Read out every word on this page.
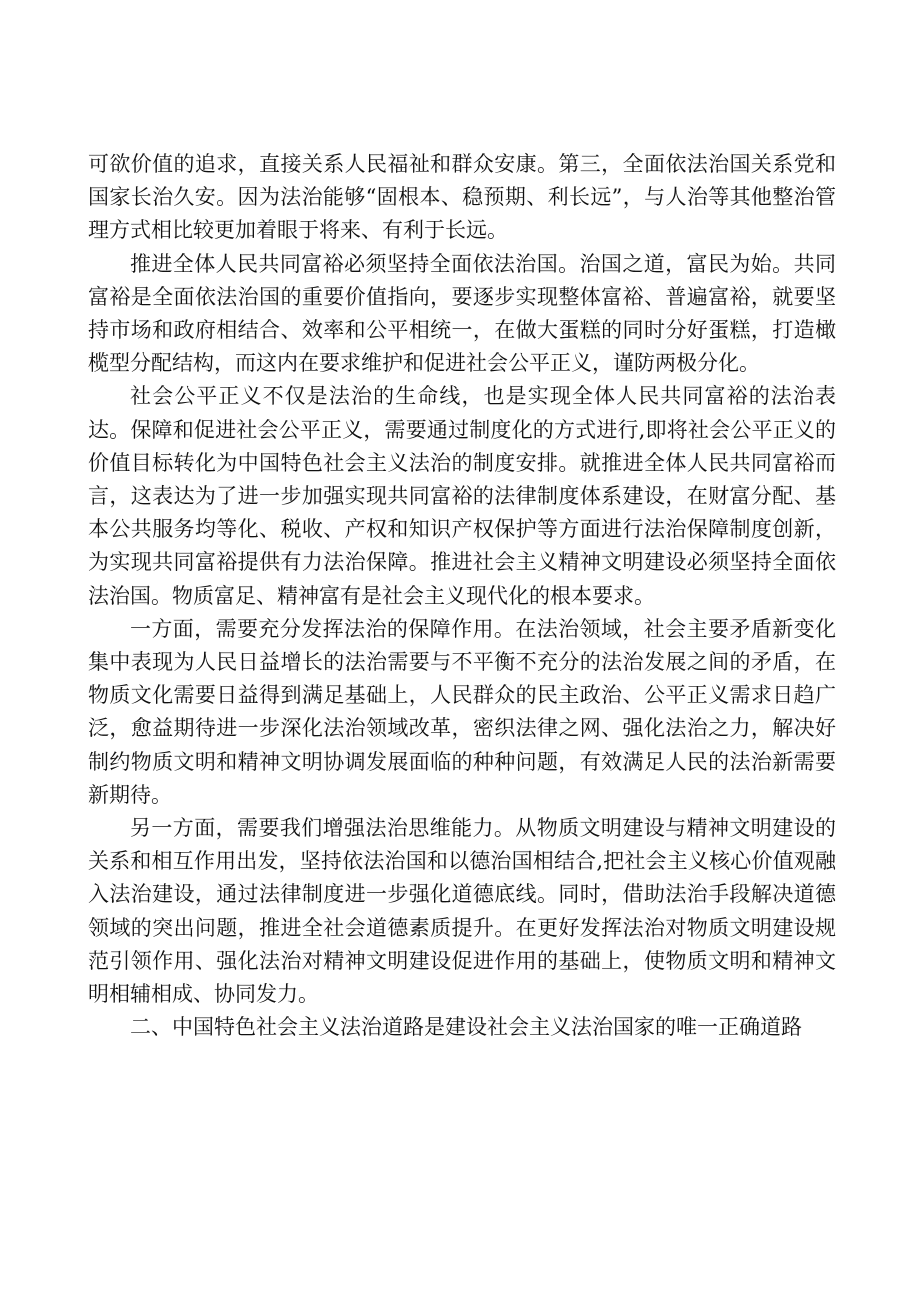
可欲价值的追求，直接关系人民福祉和群众安康。第三，全面依法治国关系党和国家长治久安。因为法治能够“固根本、稳预期、利长远”，与人治等其他整治管理方式相比较更加着眼于将来、有利于长远。

推进全体人民共同富裕必须坚持全面依法治国。治国之道，富民为始。共同富裕是全面依法治国的重要价值指向，要逐步实现整体富裕、普遍富裕，就要坚持市场和政府相结合、效率和公平相统一，在做大蛋糕的同时分好蛋糕，打造橄榄型分配结构，而这内在要求维护和促进社会公平正义，谨防两极分化。

社会公平正义不仅是法治的生命线，也是实现全体人民共同富裕的法治表达。保障和促进社会公平正义，需要通过制度化的方式进行,即将社会公平正义的价值目标转化为中国特色社会主义法治的制度安排。就推进全体人民共同富裕而言，这表达为了进一步加强实现共同富裕的法律制度体系建设，在财富分配、基本公共服务均等化、税收、产权和知识产权保护等方面进行法治保障制度创新，为实现共同富裕提供有力法治保障。推进社会主义精神文明建设必须坚持全面依法治国。物质富足、精神富有是社会主义现代化的根本要求。

一方面，需要充分发挥法治的保障作用。在法治领域，社会主要矛盾新变化集中表现为人民日益增长的法治需要与不平衡不充分的法治发展之间的矛盾，在物质文化需要日益得到满足基础上，人民群众的民主政治、公平正义需求日趋广泛，愈益期待进一步深化法治领域改革，密织法律之网、强化法治之力，解决好制约物质文明和精神文明协调发展面临的种种问题，有效满足人民的法治新需要新期待。

另一方面，需要我们增强法治思维能力。从物质文明建设与精神文明建设的关系和相互作用出发，坚持依法治国和以德治国相结合,把社会主义核心价值观融入法治建设，通过法律制度进一步强化道德底线。同时，借助法治手段解决道德领域的突出问题，推进全社会道德素质提升。在更好发挥法治对物质文明建设规范引领作用、强化法治对精神文明建设促进作用的基础上，使物质文明和精神文明相辅相成、协同发力。

二、中国特色社会主义法治道路是建设社会主义法治国家的唯一正确道路
